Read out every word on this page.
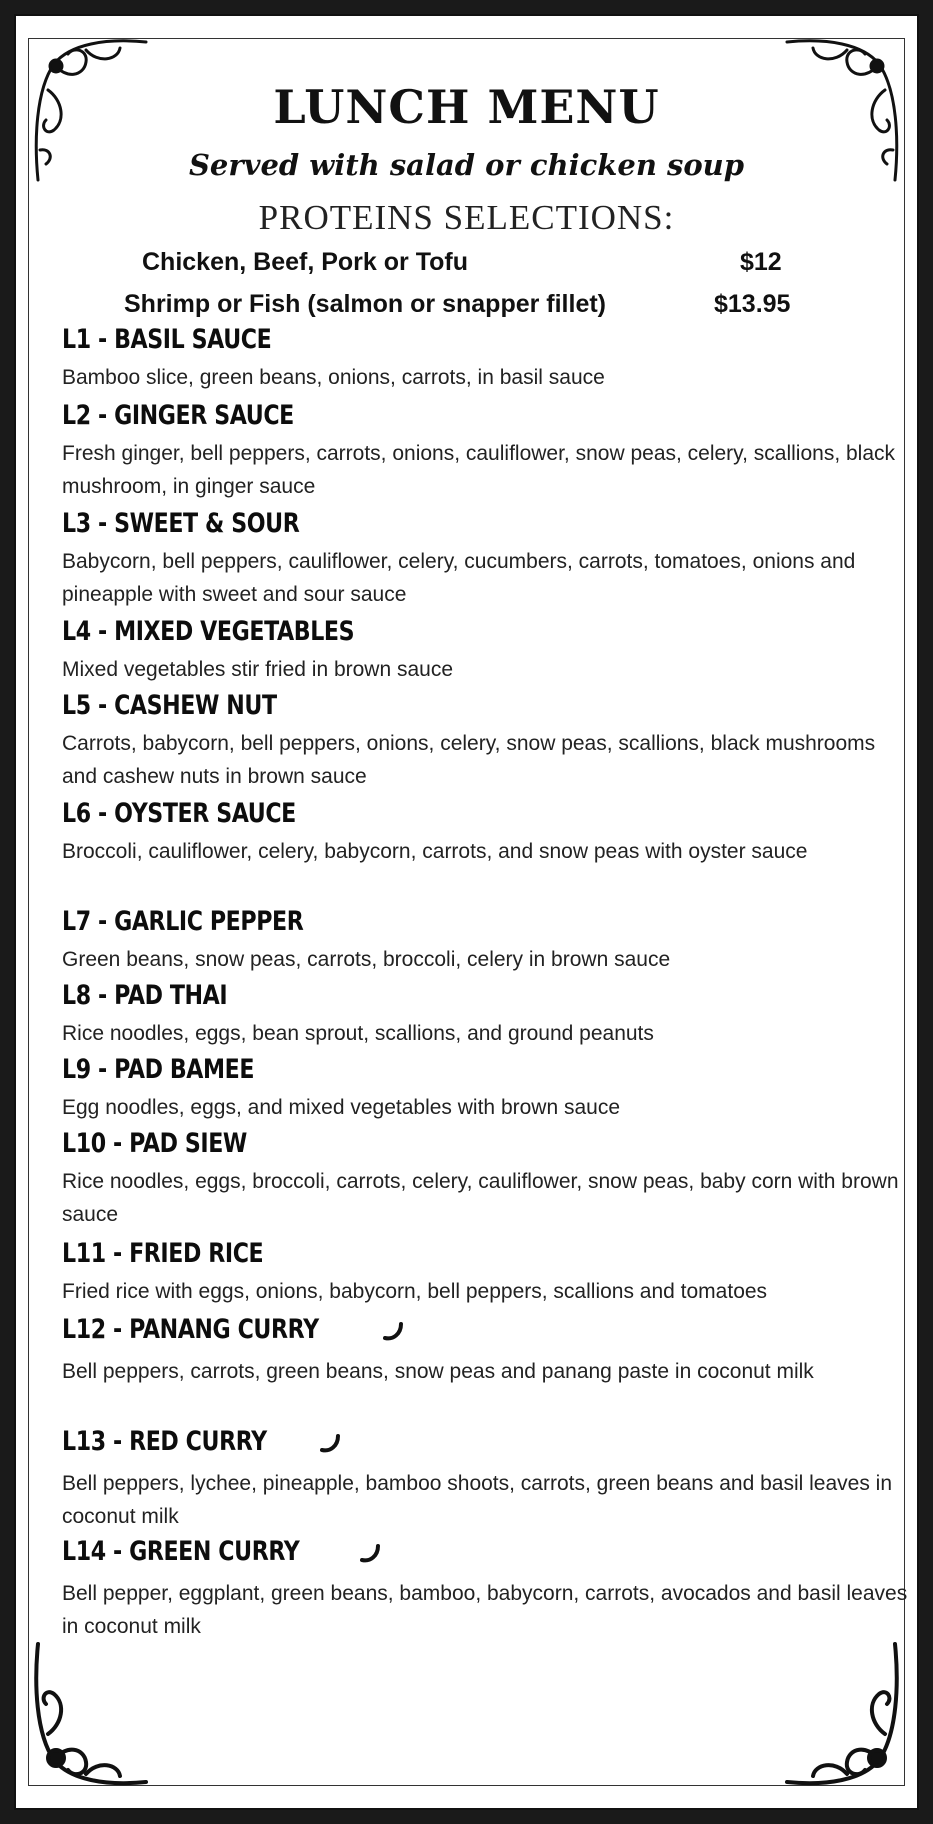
LUNCH MENU
Served with salad or chicken soup
PROTEINS SELECTIONS:
Chicken, Beef, Pork or Tofu	$12
Shrimp or Fish (salmon or snapper fillet)	$13.95
L1 - BASIL SAUCE
Bamboo slice, green beans, onions, carrots, in basil sauce
L2 - GINGER SAUCE
Fresh ginger, bell peppers, carrots, onions, cauliflower, snow peas, celery, scallions, black mushroom, in ginger sauce
L3 - SWEET & SOUR
Babycorn, bell peppers, cauliflower, celery, cucumbers, carrots, tomatoes, onions and pineapple with sweet and sour sauce
L4 - MIXED VEGETABLES
Mixed vegetables stir fried in brown sauce
L5 - CASHEW NUT
Carrots, babycorn, bell peppers, onions, celery, snow peas, scallions, black mushrooms and cashew nuts in brown sauce
L6 - OYSTER SAUCE
Broccoli, cauliflower, celery, babycorn, carrots, and snow peas with oyster sauce
L7 - GARLIC PEPPER
Green beans, snow peas, carrots, broccoli, celery in brown sauce
L8 - PAD THAI
Rice noodles, eggs, bean sprout, scallions, and ground peanuts
L9 - PAD BAMEE
Egg noodles, eggs, and mixed vegetables with brown sauce
L10 - PAD SIEW
Rice noodles, eggs, broccoli, carrots, celery, cauliflower, snow peas, baby corn with brown sauce
L11 - FRIED RICE
Fried rice with eggs, onions, babycorn, bell peppers, scallions and tomatoes
L12 - PANANG CURRY
Bell peppers, carrots, green beans, snow peas and panang paste in coconut milk
L13 - RED CURRY
Bell peppers, lychee, pineapple, bamboo shoots, carrots, green beans and basil leaves in coconut milk
L14 - GREEN CURRY
Bell pepper, eggplant, green beans, bamboo, babycorn, carrots, avocados and basil leaves in coconut milk
